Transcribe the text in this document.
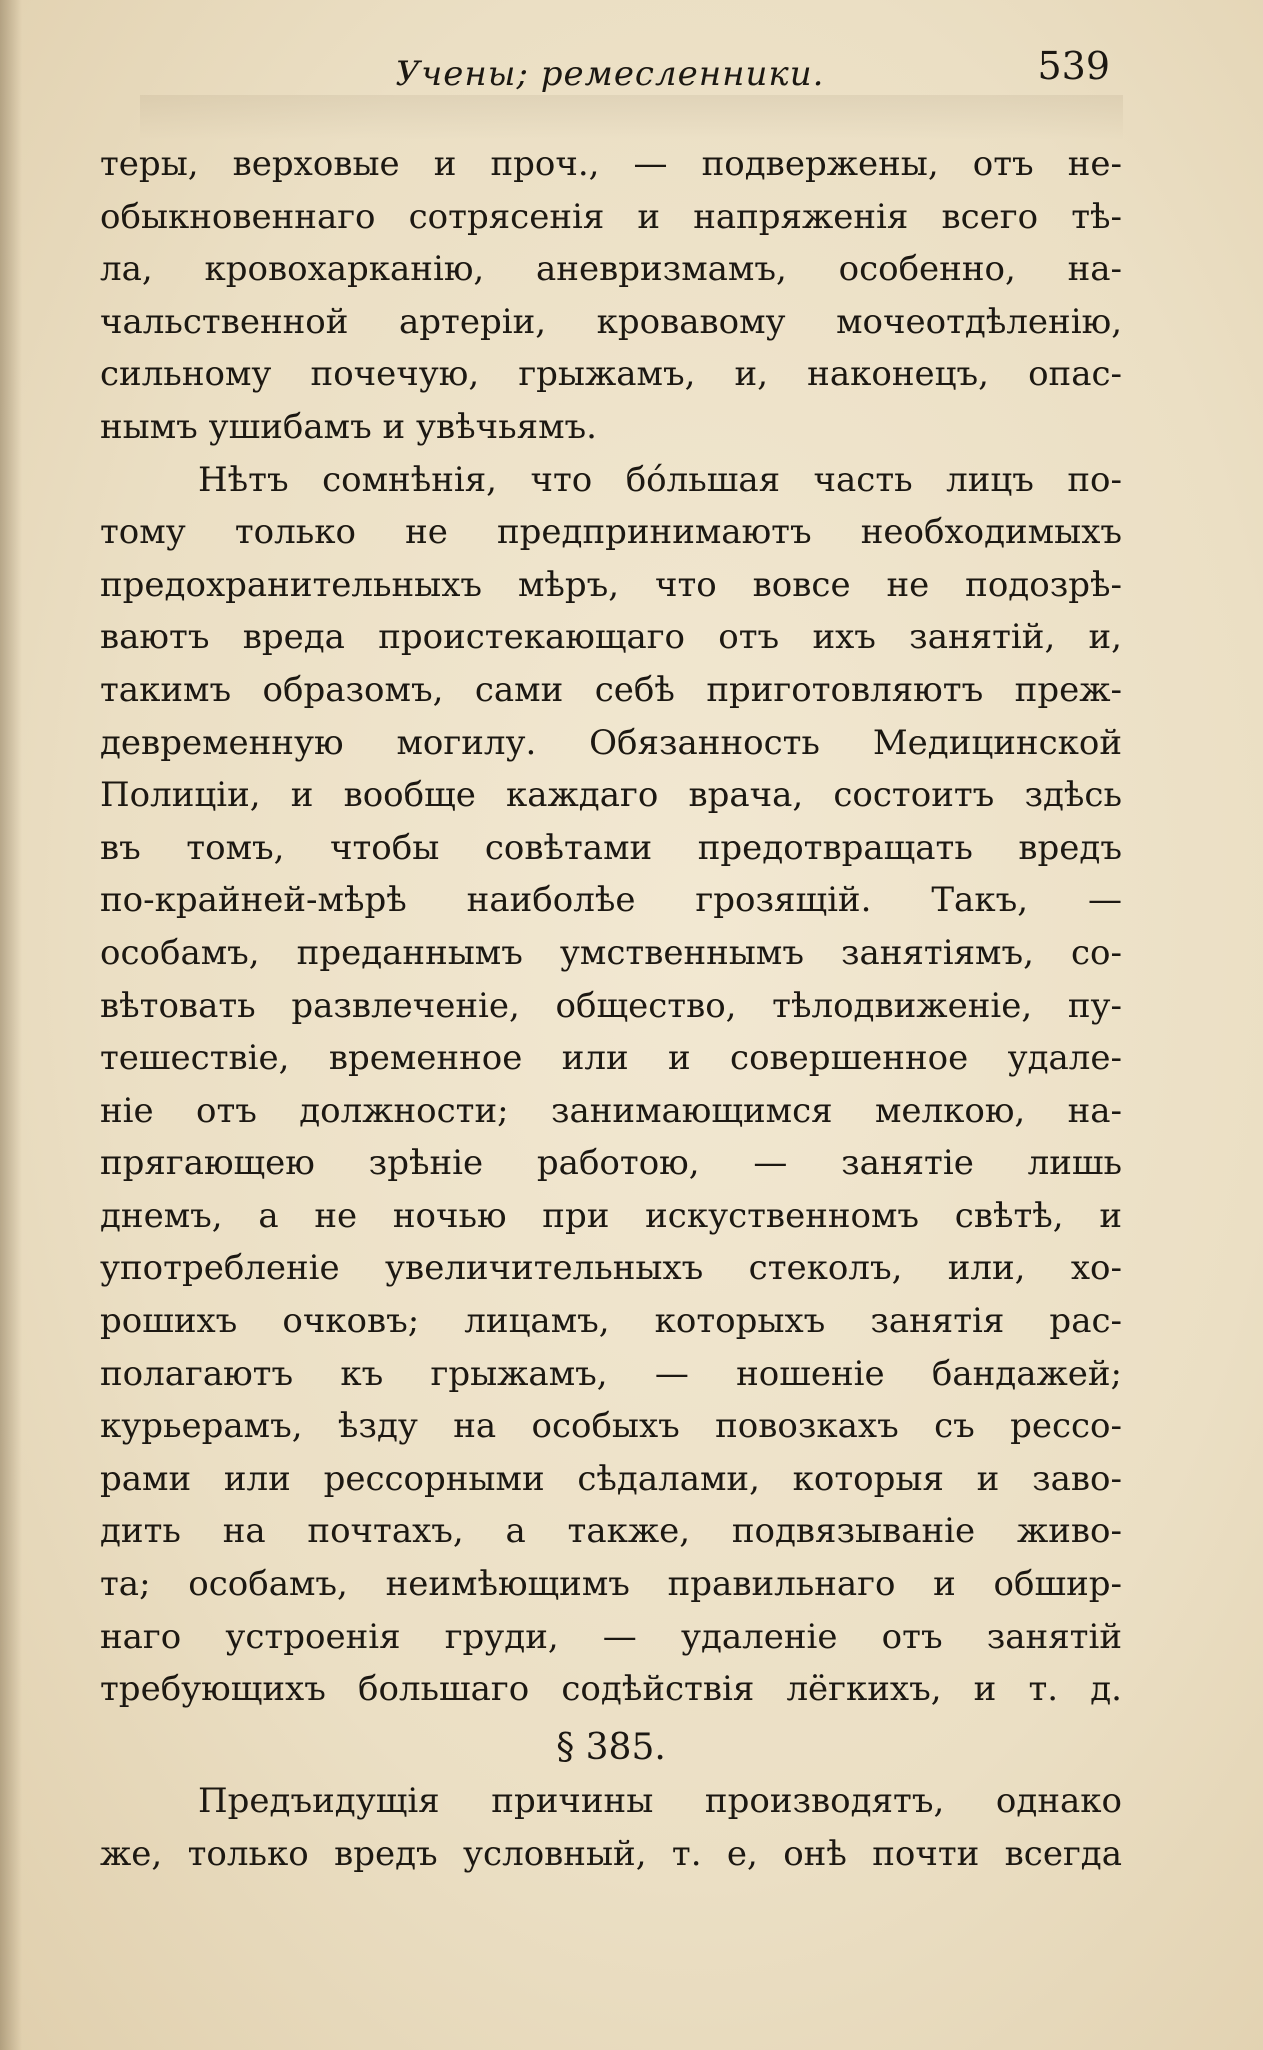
Учены; ремесленники.	539
теры, верховые и проч., — подвержены, отъ не-
обыкновеннаго сотрясенія и напряженія всего тѣ-
ла, кровохарканію, аневризмамъ, особенно, на-
чальственной артеріи, кровавому мочеотдѣленію,
сильному почечую, грыжамъ, и, наконецъ, опас-
нымъ ушибамъ и увѣчьямъ.
Нѣтъ сомнѣнія, что бо́льшая часть лицъ по-
тому только не предпринимаютъ необходимыхъ
предохранительныхъ мѣръ, что вовсе не подозрѣ-
ваютъ вреда проистекающаго отъ ихъ занятій, и,
такимъ образомъ, сами себѣ приготовляютъ преж-
девременную могилу. Обязанность Медицинской
Полиціи, и вообще каждаго врача, состоитъ здѣсь
въ томъ, чтобы совѣтами предотвращать вредъ
по-крайней-мѣрѣ наиболѣе грозящій. Такъ, —
особамъ, преданнымъ умственнымъ занятіямъ, со-
вѣтовать развлеченіе, общество, тѣлодвиженіе, пу-
тешествіе, временное или и совершенное удале-
ніе отъ должности; занимающимся мелкою, на-
прягающею зрѣніе работою, — занятіе лишь
днемъ, а не ночью при искуственномъ свѣтѣ, и
употребленіе увеличительныхъ стеколъ, или, хо-
рошихъ очковъ; лицамъ, которыхъ занятія рас-
полагаютъ къ грыжамъ, — ношеніе бандажей;
курьерамъ, ѣзду на особыхъ повозкахъ съ рессо-
рами или рессорными сѣдалами, которыя и заво-
дить на почтахъ, а также, подвязываніе живо-
та; особамъ, неимѣющимъ правильнаго и обшир-
наго устроенія груди, — удаленіе отъ занятій
требующихъ большаго содѣйствія лёгкихъ, и т. д.
§ 385.
Предъидущія причины производятъ, однако
же, только вредъ условный, т. е, онѣ почти всегда
